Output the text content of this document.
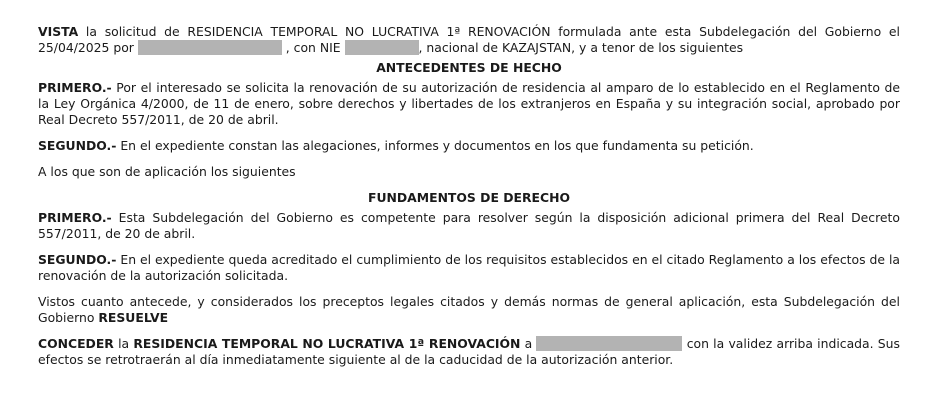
VISTA la solicitud de RESIDENCIA TEMPORAL NO LUCRATIVA 1ª RENOVACIÓN formulada ante esta Subdelegación del Gobierno el 25/04/2025 por	, con NIE	, nacional de KAZAJSTAN, y a tenor de los siguientes

ANTECEDENTES DE HECHO

PRIMERO.- Por el interesado se solicita la renovación de su autorización de residencia al amparo de lo establecido en el Reglamento de la Ley Orgánica 4/2000, de 11 de enero, sobre derechos y libertades de los extranjeros en España y su integración social, aprobado por Real Decreto 557/2011, de 20 de abril.

SEGUNDO.- En el expediente constan las alegaciones, informes y documentos en los que fundamenta su petición.

A los que son de aplicación los siguientes

FUNDAMENTOS DE DERECHO

PRIMERO.- Esta Subdelegación del Gobierno es competente para resolver según la disposición adicional primera del Real Decreto 557/2011, de 20 de abril.

SEGUNDO.- En el expediente queda acreditado el cumplimiento de los requisitos establecidos en el citado Reglamento a los efectos de la renovación de la autorización solicitada.

Vistos cuanto antecede, y considerados los preceptos legales citados y demás normas de general aplicación, esta Subdelegación del Gobierno RESUELVE

CONCEDER la RESIDENCIA TEMPORAL NO LUCRATIVA 1ª RENOVACIÓN a	con la validez arriba indicada. Sus efectos se retrotraerán al día inmediatamente siguiente al de la caducidad de la autorización anterior.
